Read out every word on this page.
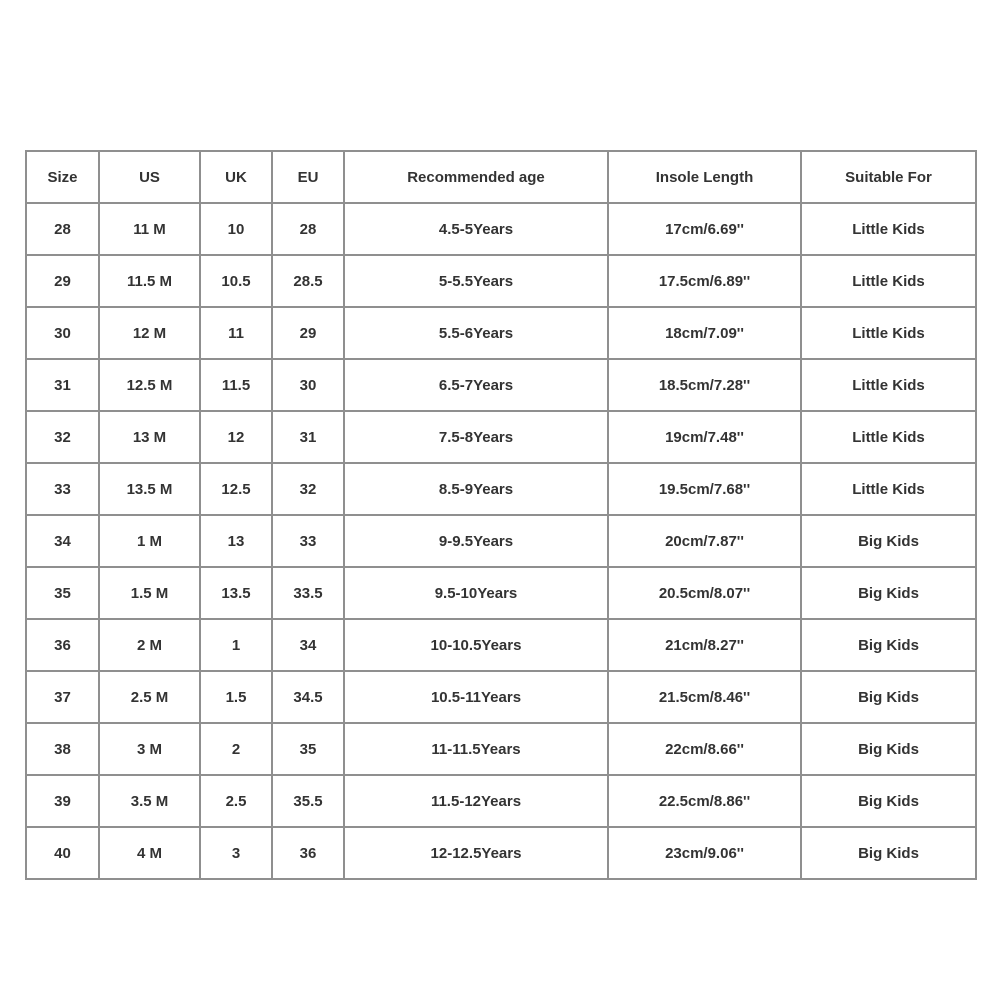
Size	US	UK	EU	Recommended age	Insole Length	Suitable For
28	11 M	10	28	4.5-5Years	17cm/6.69''	Little Kids
29	11.5 M	10.5	28.5	5-5.5Years	17.5cm/6.89''	Little Kids
30	12 M	11	29	5.5-6Years	18cm/7.09''	Little Kids
31	12.5 M	11.5	30	6.5-7Years	18.5cm/7.28''	Little Kids
32	13 M	12	31	7.5-8Years	19cm/7.48''	Little Kids
33	13.5 M	12.5	32	8.5-9Years	19.5cm/7.68''	Little Kids
34	1 M	13	33	9-9.5Years	20cm/7.87''	Big Kids
35	1.5 M	13.5	33.5	9.5-10Years	20.5cm/8.07''	Big Kids
36	2 M	1	34	10-10.5Years	21cm/8.27''	Big Kids
37	2.5 M	1.5	34.5	10.5-11Years	21.5cm/8.46''	Big Kids
38	3 M	2	35	11-11.5Years	22cm/8.66''	Big Kids
39	3.5 M	2.5	35.5	11.5-12Years	22.5cm/8.86''	Big Kids
40	4 M	3	36	12-12.5Years	23cm/9.06''	Big Kids
